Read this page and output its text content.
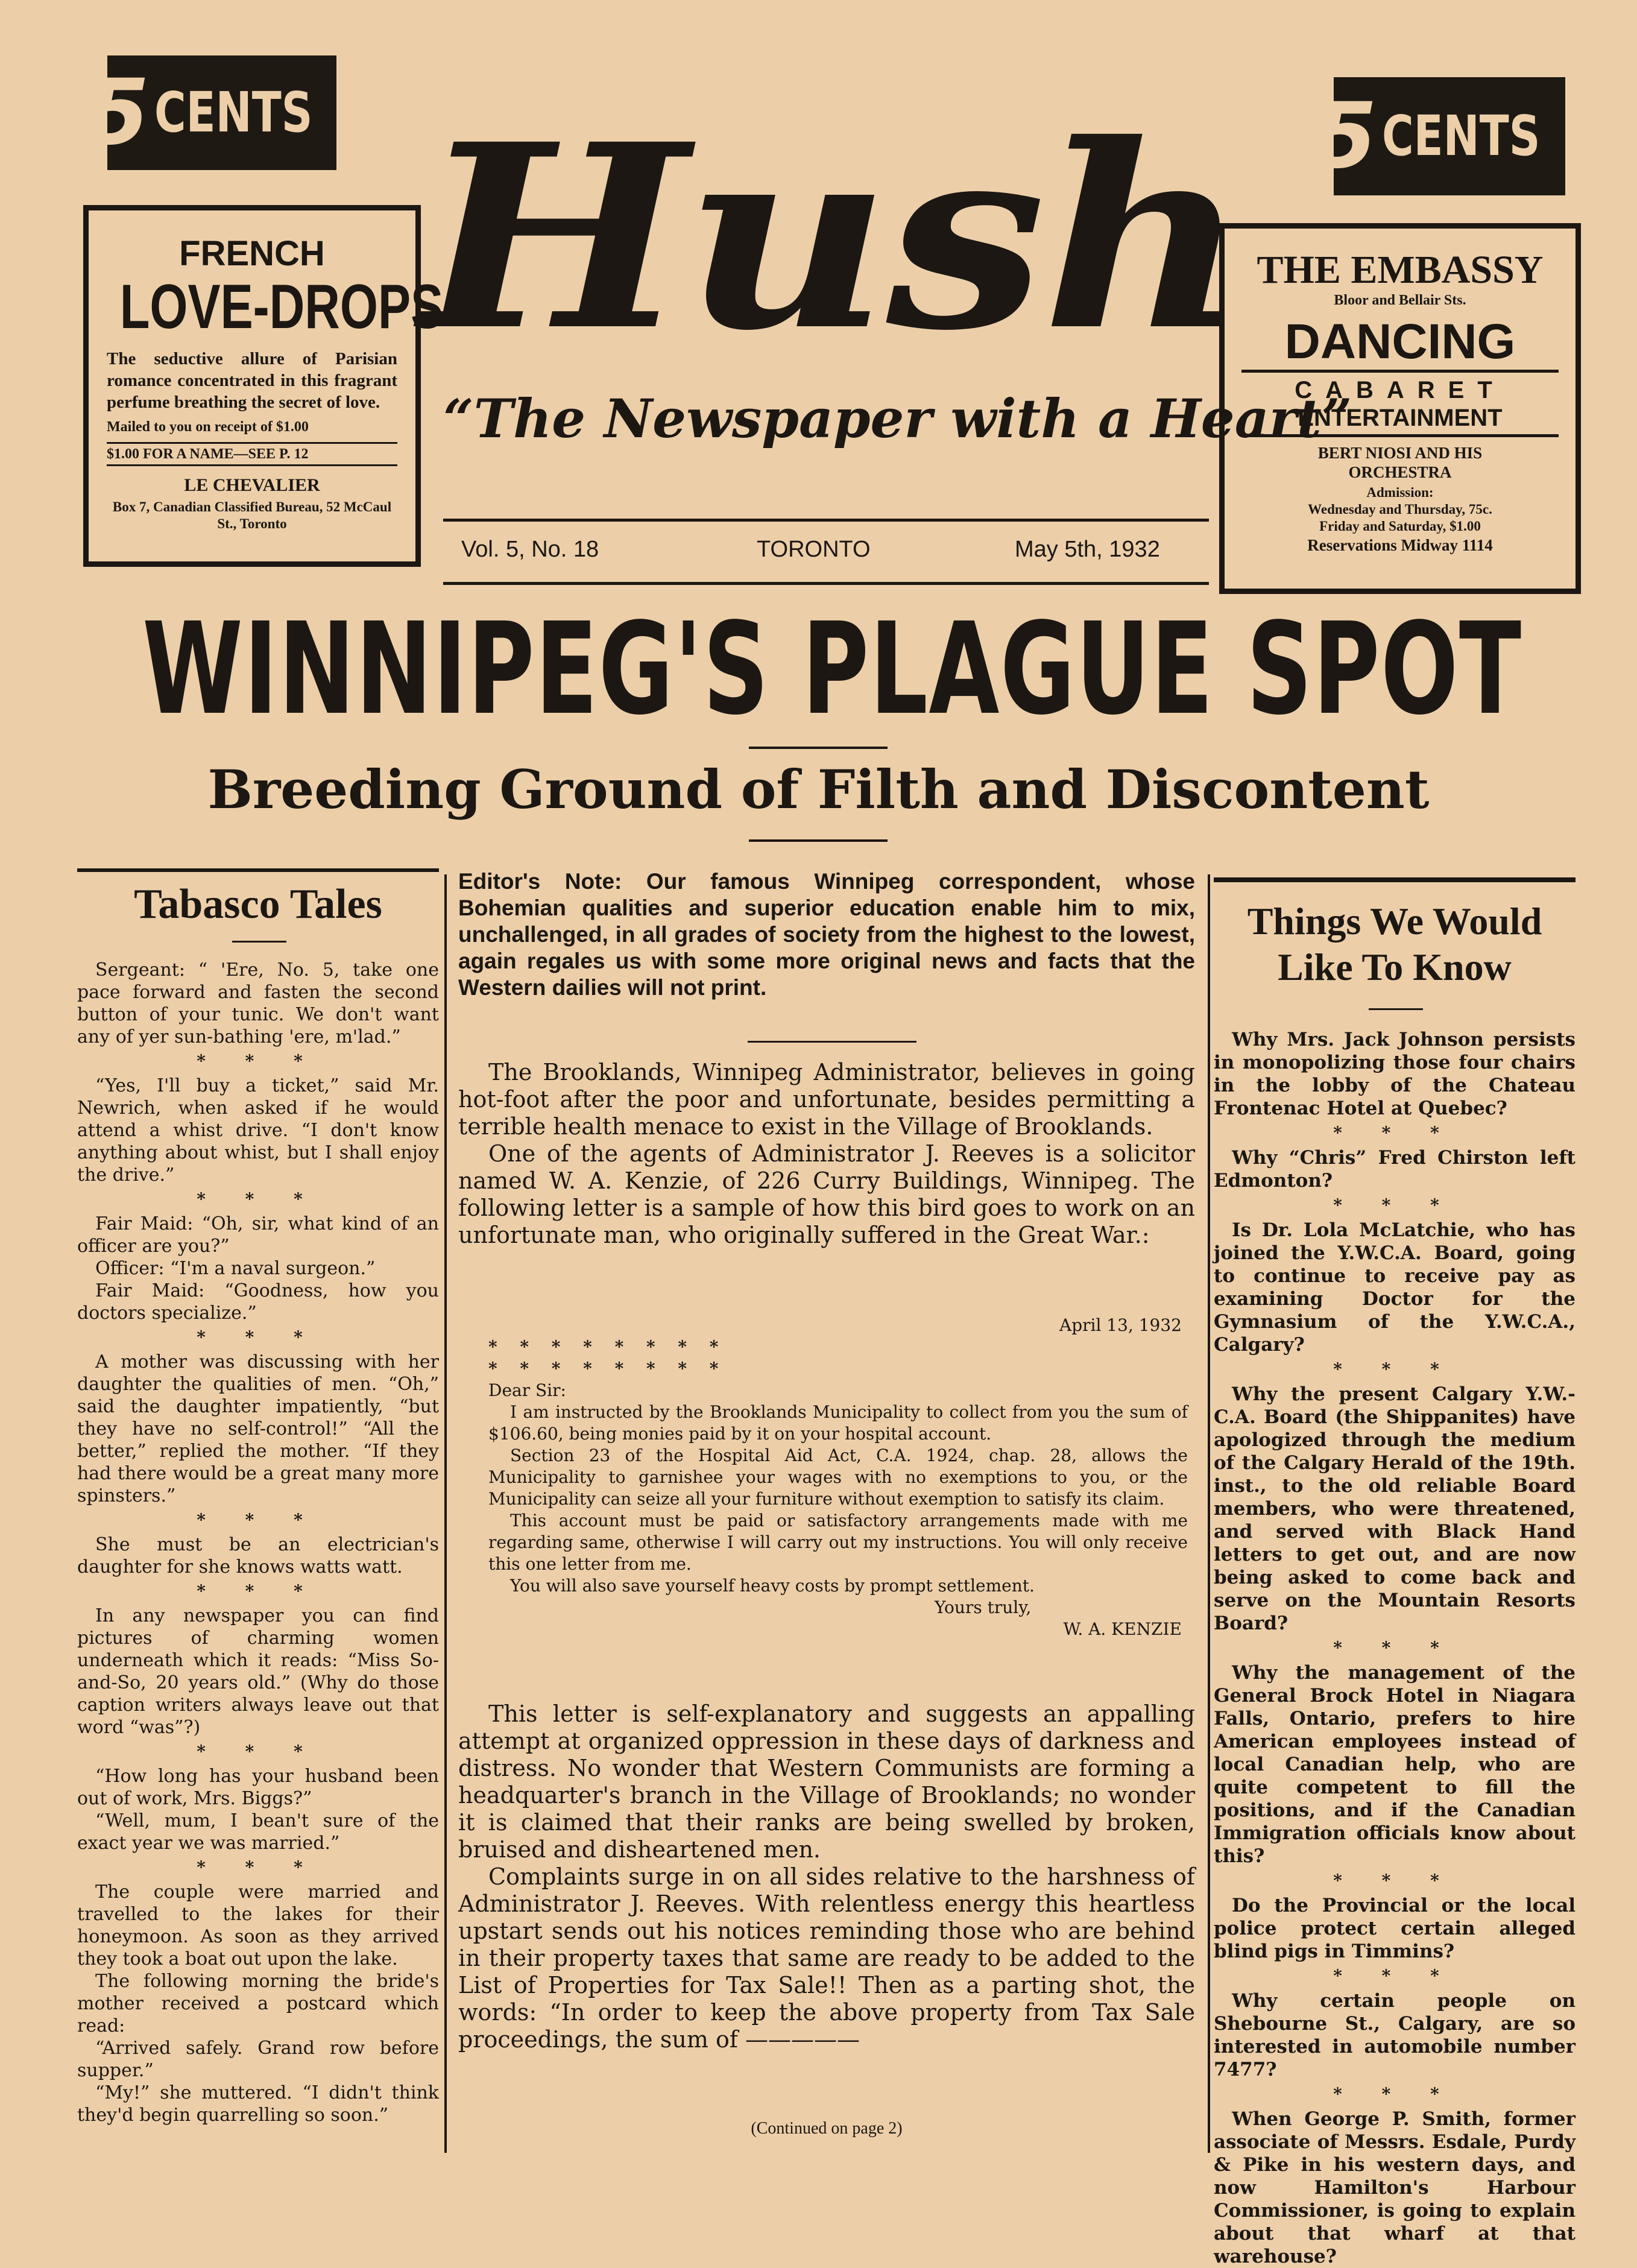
5 CENTS	5 CENTS
FRENCH
LOVE-DROPS
The seductive allure of Parisian romance concentrated in this fragrant perfume breathing the secret of love.
Mailed to you on receipt of $1.00
$1.00 FOR A NAME—SEE P. 12
LE CHEVALIER
Box 7, Canadian Classified Bureau, 52 McCaul St., Toronto
THE EMBASSY
Bloor and Bellair Sts.
DANCING
CABARET
ENTERTAINMENT
BERT NIOSI AND HIS ORCHESTRA
Admission:
Wednesday and Thursday, 75c.
Friday and Saturday, $1.00
Reservations Midway 1114
Hush
“The Newspaper with a Heart”
Vol. 5, No. 18	TORONTO	May 5th, 1932
WINNIPEG'S PLAGUE SPOT
Breeding Ground of Filth and Discontent
Tabasco Tales

Sergeant: “ 'Ere, No. 5, take one pace forward and fasten the second button of your tunic. We don't want any of yer sun-bathing 'ere, m'lad.”

* * *

“Yes, I'll buy a ticket,” said Mr. Newrich, when asked if he would attend a whist drive. “I don't know anything about whist, but I shall enjoy the drive.”

* * *

Fair Maid: “Oh, sir, what kind of an officer are you?”

Officer: “I'm a naval surgeon.”

Fair Maid: “Goodness, how you doctors specialize.”

* * *

A mother was discussing with her daughter the qualities of men. “Oh,” said the daughter impatiently, “but they have no self-control!” “All the better,” replied the mother. “If they had there would be a great many more spinsters.”

* * *

She must be an electrician's daughter for she knows watts watt.

* * *

In any newspaper you can find pictures of charming women underneath which it reads: “Miss So-and-So, 20 years old.” (Why do those caption writers always leave out that word “was”?)

* * *

“How long has your husband been out of work, Mrs. Biggs?”

“Well, mum, I bean't sure of the exact year we was married.”

* * *

The couple were married and travelled to the lakes for their honeymoon. As soon as they arrived they took a boat out upon the lake.

The following morning the bride's mother received a postcard which read:

“Arrived safely. Grand row before supper.”

“My!” she muttered. “I didn't think they'd begin quarrelling so soon.”

Editor's Note: Our famous Winnipeg correspondent, whose Bohemian qualities and superior education enable him to mix, unchallenged, in all grades of society from the highest to the lowest, again regales us with some more original news and facts that the Western dailies will not print.

The Brooklands, Winnipeg Administrator, believes in going hot-foot after the poor and unfortunate, besides permitting a terrible health menace to exist in the Village of Brooklands.

One of the agents of Administrator J. Reeves is a solicitor named W. A. Kenzie, of 226 Curry Buildings, Winnipeg. The following letter is a sample of how this bird goes to work on an unfortunate man, who originally suffered in the Great War.:

April 13, 1932
* * * * * * * *
* * * * * * * *
Dear Sir:

I am instructed by the Brooklands Municipality to collect from you the sum of $106.60, being monies paid by it on your hospital account.

Section 23 of the Hospital Aid Act, C.A. 1924, chap. 28, allows the Municipality to garnishee your wages with no exemptions to you, or the Municipality can seize all your furniture without exemption to satisfy its claim.

This account must be paid or satisfactory arrangements made with me regarding same, otherwise I will carry out my instructions. You will only receive this one letter from me.

You will also save yourself heavy costs by prompt settlement.

Yours truly,
W. A. KENZIE

This letter is self-explanatory and suggests an appalling attempt at organized oppression in these days of darkness and distress. No wonder that Western Communists are forming a headquarter's branch in the Village of Brooklands; no wonder it is claimed that their ranks are being swelled by broken, bruised and disheartened men.

Complaints surge in on all sides relative to the harshness of Administrator J. Reeves. With relentless energy this heartless upstart sends out his notices reminding those who are behind in their property taxes that same are ready to be added to the List of Properties for Tax Sale!! Then as a parting shot, the words: “In order to keep the above property from Tax Sale proceedings, the sum of —————

(Continued on page 2)
Things We Would Like To Know

Why Mrs. Jack Johnson persists in monopolizing those four chairs in the lobby of the Chateau Frontenac Hotel at Quebec?

* * *

Why “Chris” Fred Chirston left Edmonton?

* * *

Is Dr. Lola McLatchie, who has joined the Y.W.C.A. Board, going to continue to receive pay as examining Doctor for the Gymnasium of the Y.W.C.A., Calgary?

* * *

Why the present Calgary Y.W.-C.A. Board (the Shippanites) have apologized through the medium of the Calgary Herald of the 19th. inst., to the old reliable Board members, who were threatened, and served with Black Hand letters to get out, and are now being asked to come back and serve on the Mountain Resorts Board?

* * *

Why the management of the General Brock Hotel in Niagara Falls, Ontario, prefers to hire American employees instead of local Canadian help, who are quite competent to fill the positions, and if the Canadian Immigration officials know about this?

* * *

Do the Provincial or the local police protect certain alleged blind pigs in Timmins?

* * *

Why certain people on Shebourne St., Calgary, are so interested in automobile number 7477?

* * *

When George P. Smith, former associate of Messrs. Esdale, Purdy & Pike in his western days, and now Hamilton's Harbour Commissioner, is going to explain about that wharf at that warehouse?
